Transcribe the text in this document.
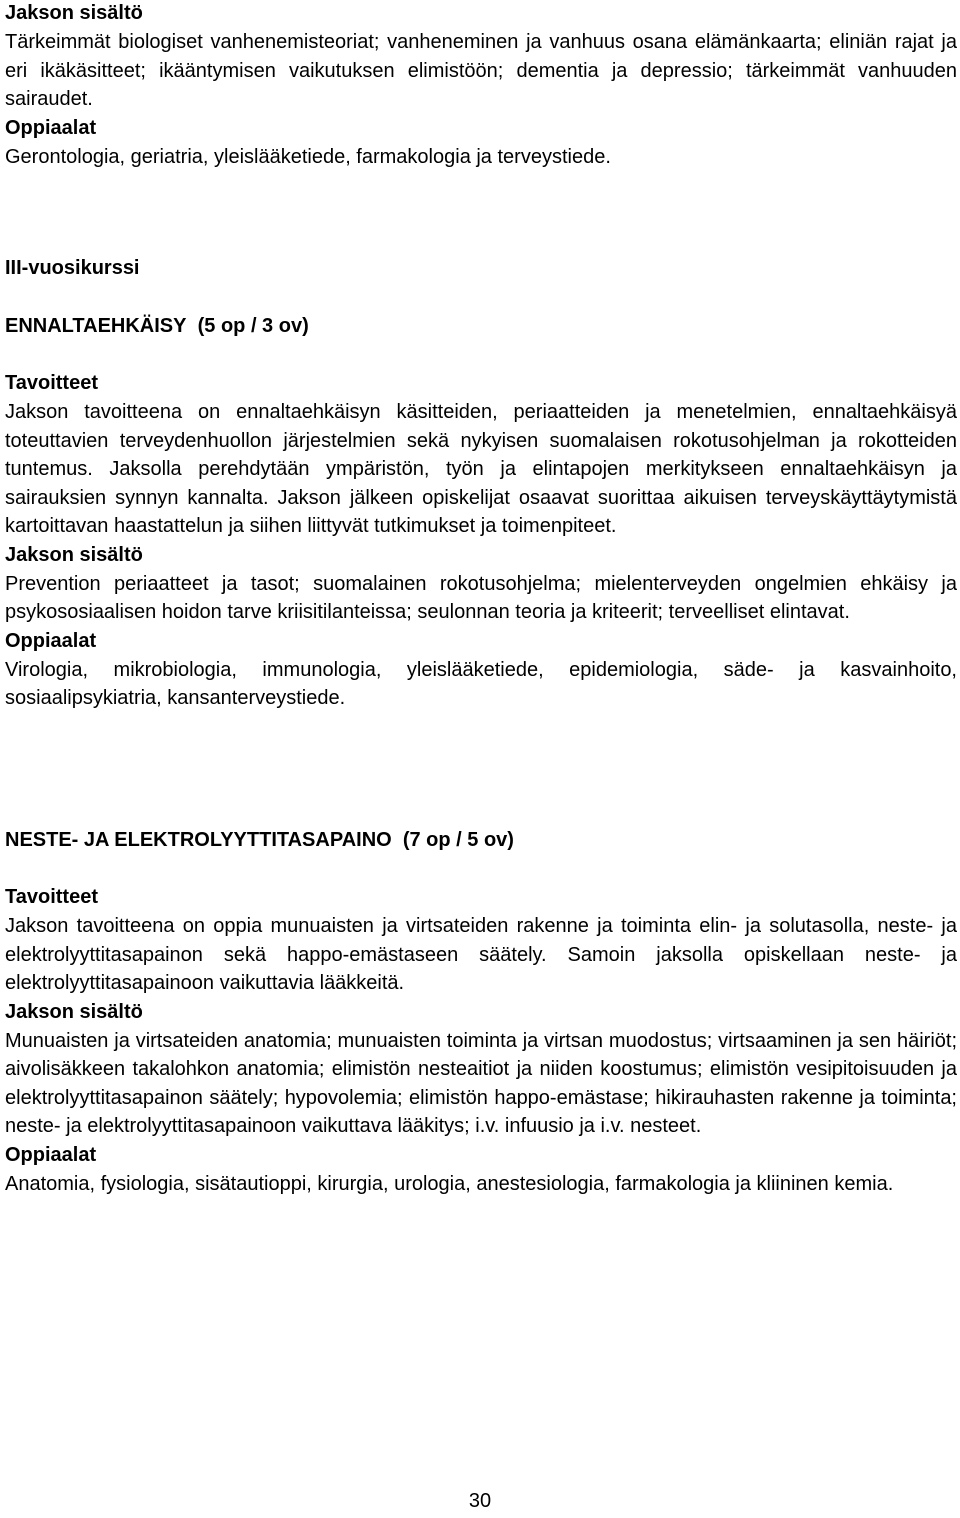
Jakson sisältö

Tärkeimmät biologiset vanhenemisteoriat; vanheneminen ja vanhuus osana elämänkaarta; eliniän rajat ja eri ikäkäsitteet; ikääntymisen vaikutuksen elimistöön; dementia ja depressio; tärkeimmät vanhuuden sairaudet.

Oppiaalat

Gerontologia, geriatria, yleislääketiede, farmakologia ja terveystiede.

III-vuosikurssi

ENNALTAEHKÄISY (5 op / 3 ov)

Tavoitteet

Jakson tavoitteena on ennaltaehkäisyn käsitteiden, periaatteiden ja menetelmien, ennaltaehkäisyä toteuttavien terveydenhuollon järjestelmien sekä nykyisen suomalaisen rokotusohjelman ja rokotteiden tuntemus. Jaksolla perehdytään ympäristön, työn ja elintapojen merkitykseen ennaltaehkäisyn ja sairauksien synnyn kannalta. Jakson jälkeen opiskelijat osaavat suorittaa aikuisen terveyskäyttäytymistä kartoittavan haastattelun ja siihen liittyvät tutkimukset ja toimenpiteet.

Jakson sisältö

Prevention periaatteet ja tasot; suomalainen rokotusohjelma; mielenterveyden ongelmien ehkäisy ja psykososiaalisen hoidon tarve kriisitilanteissa; seulonnan teoria ja kriteerit; terveelliset elintavat.

Oppiaalat

Virologia, mikrobiologia, immunologia, yleislääketiede, epidemiologia, säde- ja kasvainhoito, sosiaalipsykiatria, kansanterveystiede.

NESTE- JA ELEKTROLYYTTITASAPAINO (7 op / 5 ov)

Tavoitteet

Jakson tavoitteena on oppia munuaisten ja virtsateiden rakenne ja toiminta elin- ja solutasolla, neste- ja elektrolyyttitasapainon sekä happo-emästaseen säätely. Samoin jaksolla opiskellaan neste- ja elektrolyyttitasapainoon vaikuttavia lääkkeitä.

Jakson sisältö

Munuaisten ja virtsateiden anatomia; munuaisten toiminta ja virtsan muodostus; virtsaaminen ja sen häiriöt; aivolisäkkeen takalohkon anatomia; elimistön nesteaitiot ja niiden koostumus; elimistön vesipitoisuuden ja elektrolyyttitasapainon säätely; hypovolemia; elimistön happo-emästase; hikirauhasten rakenne ja toiminta; neste- ja elektrolyyttitasapainoon vaikuttava lääkitys; i.v. infuusio ja i.v. nesteet.

Oppiaalat

Anatomia, fysiologia, sisätautioppi, kirurgia, urologia, anestesiologia, farmakologia ja kliininen kemia.

30
